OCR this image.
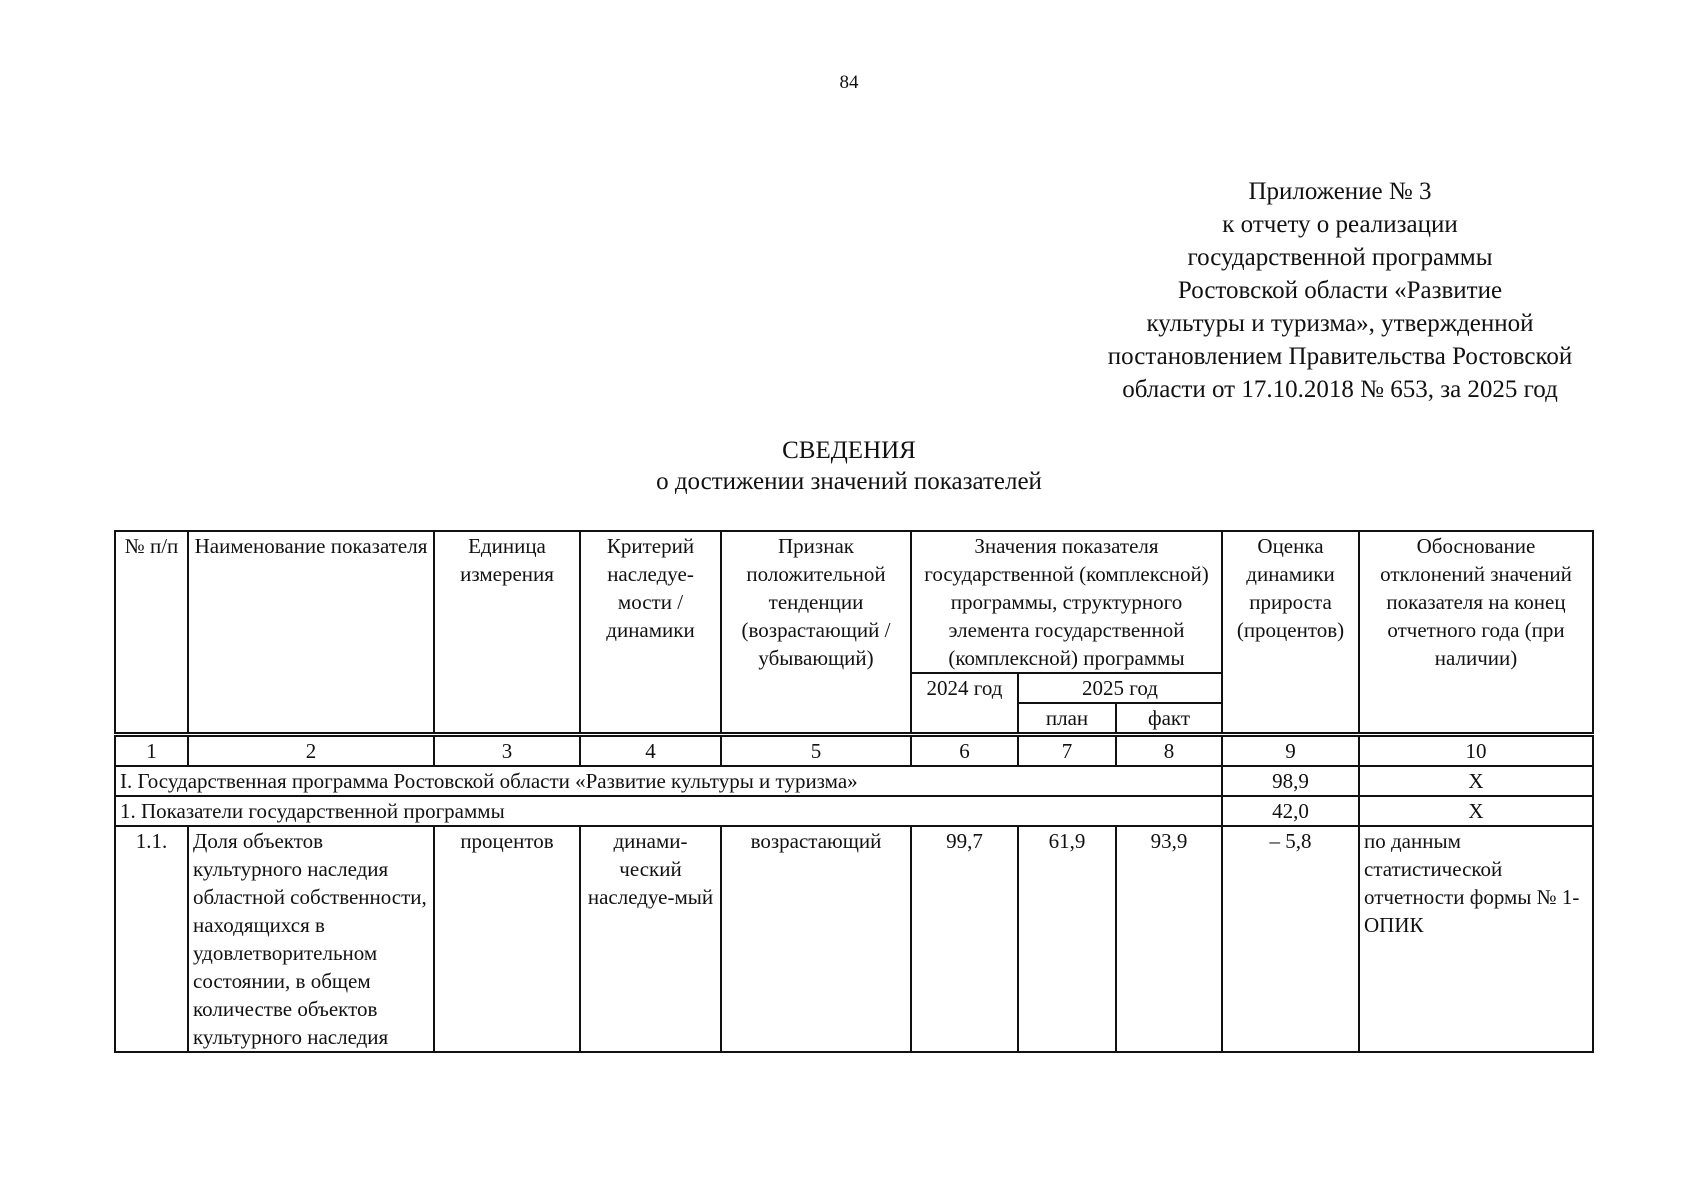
84
Приложение № 3
к отчету о реализации
государственной программы
Ростовской области «Развитие
культуры и туризма», утвержденной
постановлением Правительства Ростовской
области от 17.10.2018 № 653, за 2025 год
СВЕДЕНИЯ
о достижении значений показателей
№ п/п	Наименование показателя	Единица измерения	Критерий наследуе-мости / динамики	Признак положительной тенденции (возрастающий / убывающий)	Значения показателя государственной (комплексной) программы, структурного элемента государственной (комплексной) программы			Оценка динамики прироста (процентов)	Обоснование отклонений значений показателя на конец отчетного года (при наличии)
					2024 год	2025 год			
						план	факт		
1	2	3	4	5	6	7	8	9	10
I. Государственная программа Ростовской области «Развитие культуры и туризма»								98,9	Х
1. Показатели государственной программы								42,0	Х
1.1.	Доля объектов культурного наследия областной собственности, находящихся в удовлетворительном состоянии, в общем количестве объектов культурного наследия	процентов	динами-ческий наследуе-мый	возрастающий	99,7	61,9	93,9	– 5,8	по данным статистической отчетности формы № 1-ОПИК
